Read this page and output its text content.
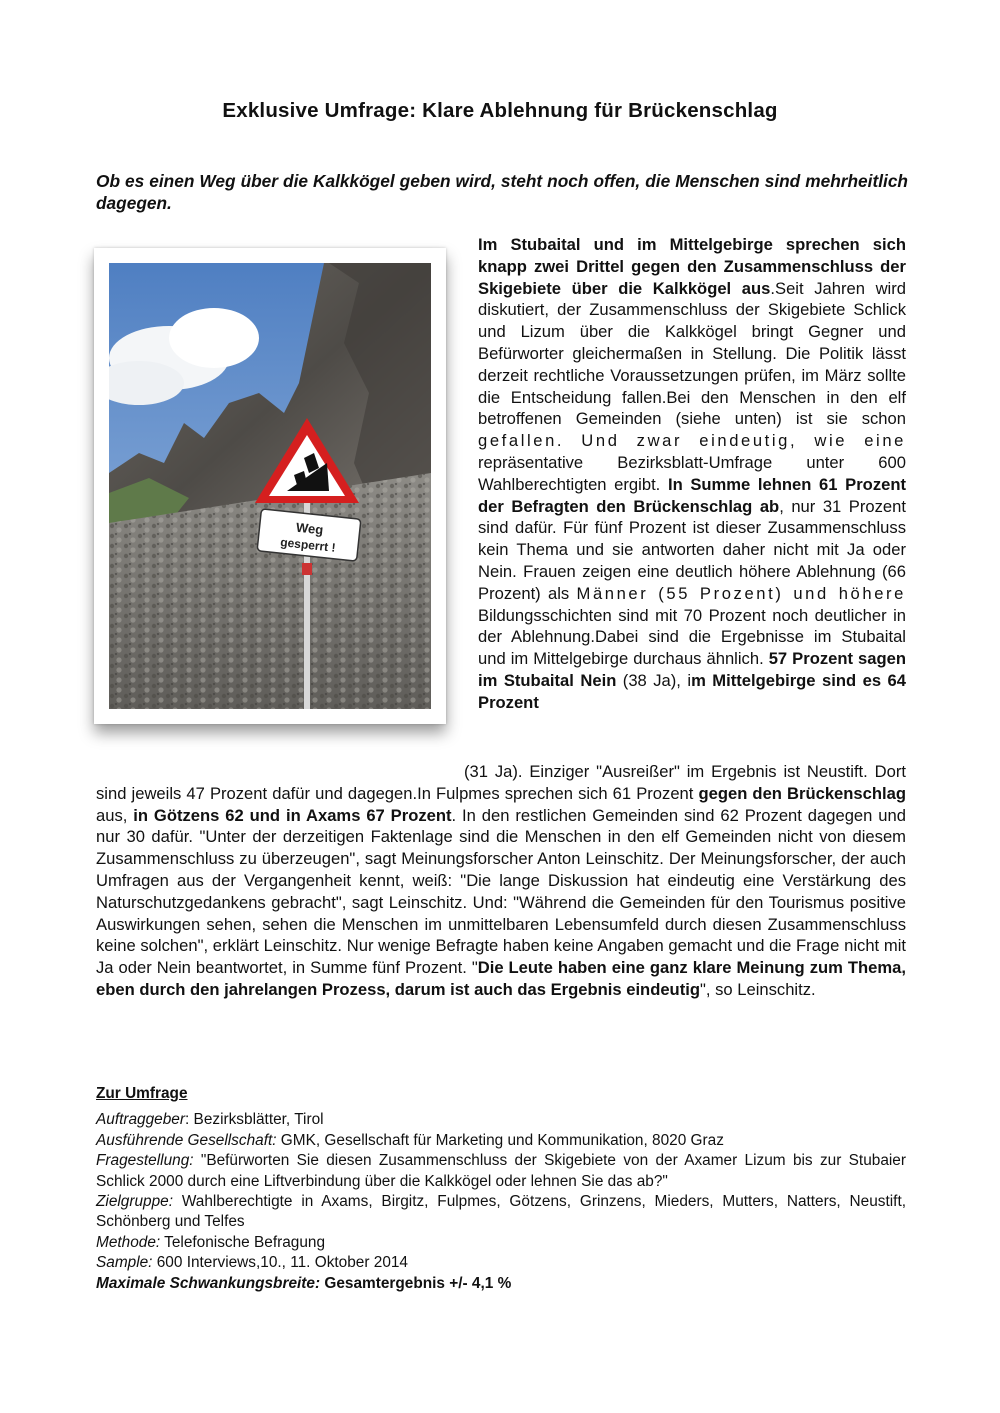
Exklusive Umfrage: Klare Ablehnung für Brückenschlag
Ob es einen Weg über die Kalkkögel geben wird, steht noch offen, die Menschen sind mehrheitlich dagegen.
Weg
gesperrt !
Im Stubaital und im Mittelgebirge sprechen sich knapp zwei Drittel gegen den Zusammenschluss der Skigebiete über die Kalkkögel aus.Seit Jahren wird diskutiert, der Zusammenschluss der Skigebiete Schlick und Lizum über die Kalkkögel bringt Gegner und Befürworter gleichermaßen in Stellung. Die Politik lässt derzeit rechtliche Voraussetzungen prüfen, im März sollte die Entscheidung fallen.Bei den Menschen in den elf betroffenen Gemeinden (siehe unten) ist sie schon gefallen. Und zwar eindeutig, wie eine repräsentative Bezirksblatt-Umfrage unter 600 Wahlberechtigten ergibt. In Summe lehnen 61 Prozent der Befragten den Brückenschlag ab, nur 31 Prozent sind dafür. Für fünf Prozent ist dieser Zusammenschluss kein Thema und sie antworten daher nicht mit Ja oder Nein. Frauen zeigen eine deutlich höhere Ablehnung (66 Prozent) als Männer (55 Prozent) und höhere Bildungsschichten sind mit 70 Prozent noch deutlicher in der Ablehnung.Dabei sind die Ergebnisse im Stubaital und im Mittelgebirge durchaus ähnlich. 57 Prozent sagen im Stubaital Nein (38 Ja), im Mittelgebirge sind es 64 Prozent
(31 Ja). Einziger "Ausreißer" im Ergebnis ist Neustift. Dort sind jeweils 47 Prozent dafür und dagegen.In Fulpmes sprechen sich 61 Prozent gegen den Brückenschlag aus, in Götzens 62 und in Axams 67 Prozent. In den restlichen Gemeinden sind 62 Prozent dagegen und nur 30 dafür. "Unter der derzeitigen Faktenlage sind die Menschen in den elf Gemeinden nicht von diesem Zusammenschluss zu überzeugen", sagt Meinungsforscher Anton Leinschitz. Der Meinungsforscher, der auch Umfragen aus der Vergangenheit kennt, weiß: "Die lange Diskussion hat eindeutig eine Verstärkung des Naturschutzgedankens gebracht", sagt Leinschitz. Und: "Während die Gemeinden für den Tourismus positive Auswirkungen sehen, sehen die Menschen im unmittelbaren Lebensumfeld durch diesen Zusammenschluss keine solchen", erklärt Leinschitz. Nur wenige Befragte haben keine Angaben gemacht und die Frage nicht mit Ja oder Nein beantwortet, in Summe fünf Prozent. "Die Leute haben eine ganz klare Meinung zum Thema, eben durch den jahrelangen Prozess, darum ist auch das Ergebnis eindeutig", so Leinschitz.
Zur Umfrage
Auftraggeber: Bezirksblätter, Tirol
Ausführende Gesellschaft: GMK, Gesellschaft für Marketing und Kommunikation, 8020 Graz
Fragestellung: "Befürworten Sie diesen Zusammenschluss der Skigebiete von der Axamer Lizum bis zur Stubaier Schlick 2000 durch eine Liftverbindung über die Kalkkögel oder lehnen Sie das ab?"
Zielgruppe: Wahlberechtigte in Axams, Birgitz, Fulpmes, Götzens, Grinzens, Mieders, Mutters, Natters, Neustift, Schönberg und Telfes
Methode: Telefonische Befragung
Sample: 600 Interviews,10., 11. Oktober 2014
Maximale Schwankungsbreite: Gesamtergebnis +/- 4,1 %
